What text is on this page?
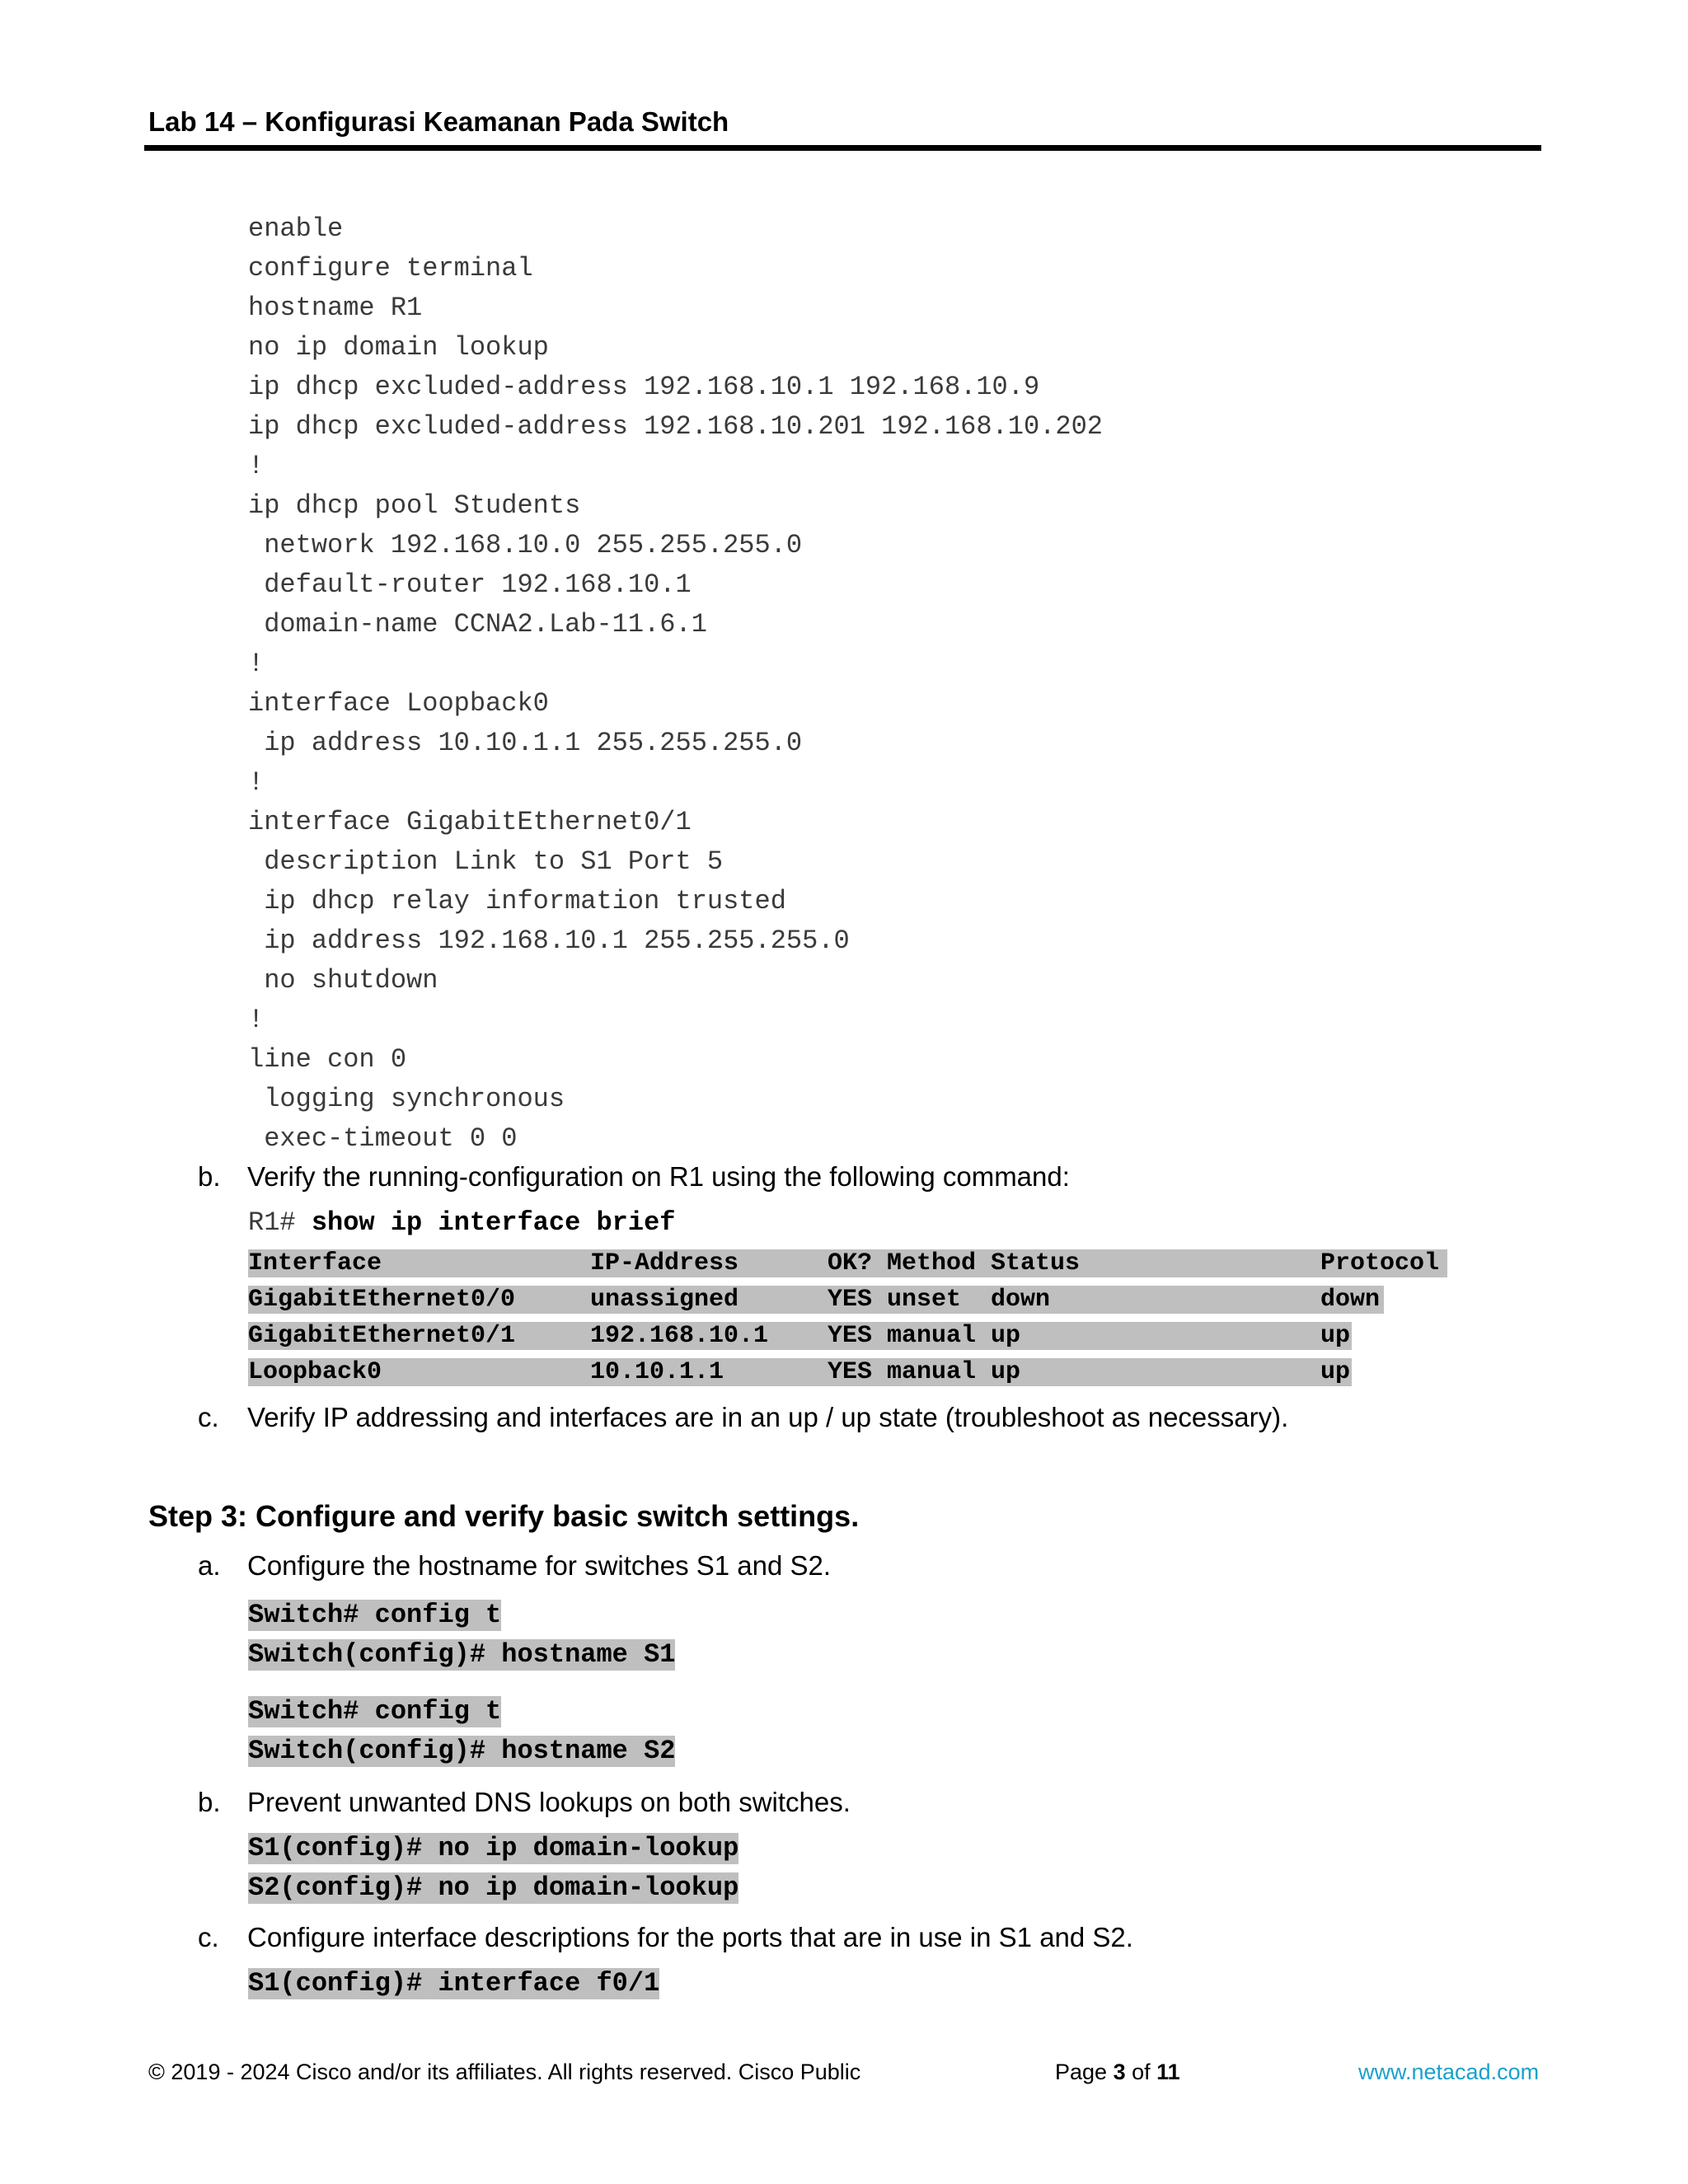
Lab 14 – Konfigurasi Keamanan Pada Switch
enable
configure terminal
hostname R1
no ip domain lookup
ip dhcp excluded-address 192.168.10.1 192.168.10.9
ip dhcp excluded-address 192.168.10.201 192.168.10.202
!
ip dhcp pool Students
network 192.168.10.0 255.255.255.0
default-router 192.168.10.1
domain-name CCNA2.Lab-11.6.1
!
interface Loopback0
ip address 10.10.1.1 255.255.255.0
!
interface GigabitEthernet0/1
description Link to S1 Port 5
ip dhcp relay information trusted
ip address 192.168.10.1 255.255.255.0
no shutdown
!
line con 0
logging synchronous
exec-timeout 0 0
b. Verify the running-configuration on R1 using the following command:
R1# show ip interface brief
Interface	IP-Address	OK? Method Status	Protocol
GigabitEthernet0/0	unassigned	YES unset down	down
GigabitEthernet0/1	192.168.10.1 YES manual up	up
Loopback0	10.10.1.1	YES manual up	up
c. Verify IP addressing and interfaces are in an up / up state (troubleshoot as necessary).
Step 3: Configure and verify basic switch settings.
a. Configure the hostname for switches S1 and S2.
Switch# config t
Switch(config)# hostname S1
Switch# config t
Switch(config)# hostname S2
b. Prevent unwanted DNS lookups on both switches.
S1(config)# no ip domain-lookup
S2(config)# no ip domain-lookup
c. Configure interface descriptions for the ports that are in use in S1 and S2.
S1(config)# interface f0/1
© 2019 - 2024 Cisco and/or its affiliates. All rights reserved. Cisco Public	Page 3 of 11	www.netacad.com
